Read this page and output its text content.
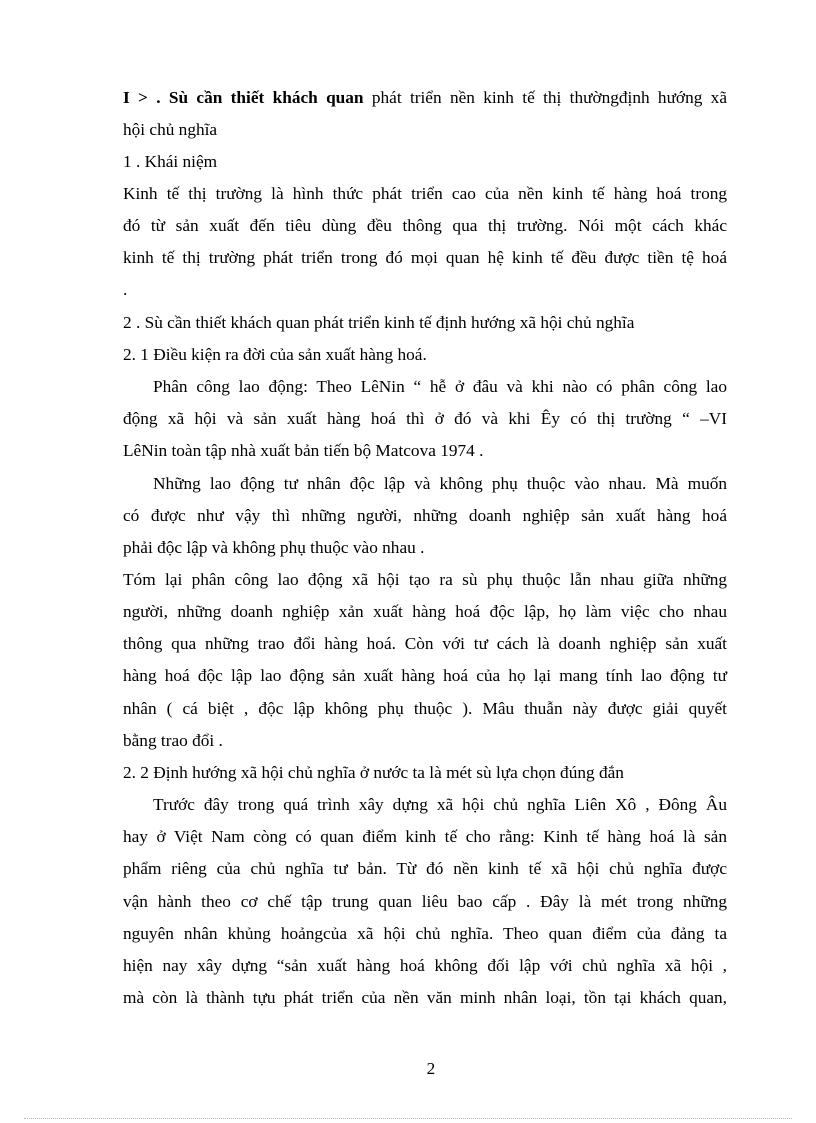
I > . Sù cần thiết khách quan phát triển nền kinh tế thị thườngđịnh hướng xã
hội chủ nghĩa
1 . Khái niệm
Kinh tế thị trường là hình thức phát triển cao của nền kinh tế hàng hoá trong
đó từ sản xuất đến tiêu dùng đều thông qua thị trường. Nói một cách khác
kinh tế thị trường phát triển trong đó mọi quan hệ kinh tế đều được tiền tệ hoá
.
2 . Sù cần thiết khách quan phát triển kinh tế định hướng xã hội chủ nghĩa
2. 1 Điều kiện ra đời của sản xuất hàng hoá.
Phân công lao động: Theo LêNin “ hễ ở đâu và khi nào có phân công lao
động xã hội và sản xuất hàng hoá thì ở đó và khi Êy có thị trường “ –VI
LêNin toàn tập nhà xuất bản tiến bộ Matcova 1974 .
Những lao động tư nhân độc lập và không phụ thuộc vào nhau. Mà muốn
có được như vậy thì những người, những doanh nghiệp sản xuất hàng hoá
phải độc lập và không phụ thuộc vào nhau .
Tóm lại phân công lao động xã hội tạo ra sù phụ thuộc lẫn nhau giữa những
người, những doanh nghiệp xản xuất hàng hoá độc lập, họ làm việc cho nhau
thông qua những trao đổi hàng hoá. Còn với tư cách là doanh nghiệp sản xuất
hàng hoá độc lập lao động sản xuất hàng hoá của họ lại mang tính lao động tư
nhân ( cá biệt , độc lập không phụ thuộc ). Mâu thuẫn này được giải quyết
bằng trao đổi .
2. 2 Định hướng xã hội chủ nghĩa ở nước ta là mét sù lựa chọn đúng đắn
Trước đây trong quá trình xây dựng xã hội chủ nghĩa Liên Xô , Đông Âu
hay ở Việt Nam còng có quan điểm kinh tế cho rằng: Kinh tế hàng hoá là sản
phẩm riêng của chủ nghĩa tư bản. Từ đó nền kinh tế xã hội chủ nghĩa được
vận hành theo cơ chế tập trung quan liêu bao cấp . Đây là mét trong những
nguyên nhân khủng hoảngcủa xã hội chủ nghĩa. Theo quan điểm của đảng ta
hiện nay xây dựng “sản xuất hàng hoá không đối lập với chủ nghĩa xã hội ,
mà còn là thành tựu phát triển của nền văn minh nhân loại, tồn tại khách quan,
2
